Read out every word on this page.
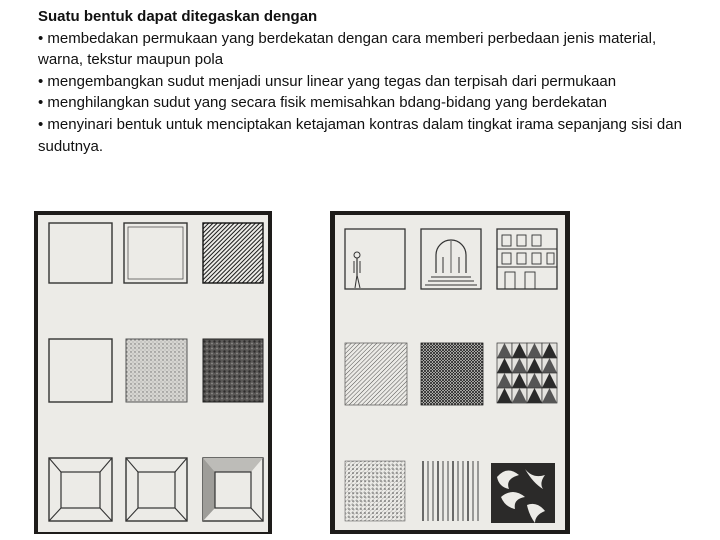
Suatu bentuk dapat ditegaskan dengan
• membedakan permukaan yang berdekatan dengan cara memberi perbedaan jenis material, warna, tekstur maupun pola
• mengembangkan sudut menjadi unsur linear yang tegas dan terpisah dari permukaan
• menghilangkan sudut yang secara fisik memisahkan bdang-bidang yang berdekatan
• menyinari bentuk untuk menciptakan ketajaman kontras dalam tingkat irama sepanjang sisi dan sudutnya.
